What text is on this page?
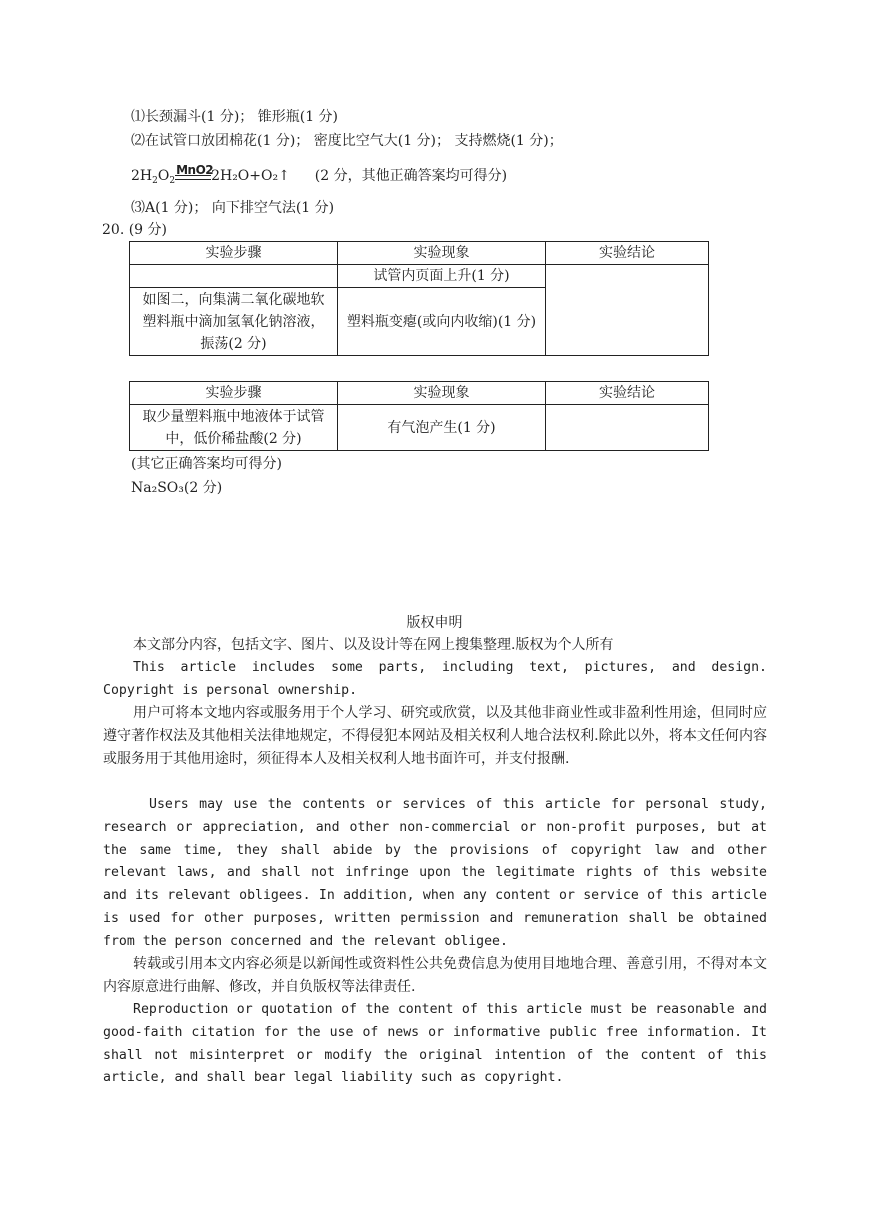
⑴长颈漏斗(1 分)； 锥形瓶(1 分)
⑵在试管口放团棉花(1 分)； 密度比空气大(1 分)； 支持燃烧(1 分)；
$2H_2O_2$
MnO2
2H₂O+O₂↑ (2 分，其他正确答案均可得分)
⑶A(1 分)； 向下排空气法(1 分)
20. (9 分)
实验步骤	实验现象	实验结论
	试管内页面上升(1 分)	
如图二，向集满二氧化碳地软塑料瓶中滴加氢氧化钠溶液，振荡(2 分)	塑料瓶变瘪(或向内收缩)(1 分)	
实验步骤	实验现象	实验结论
取少量塑料瓶中地液体于试管中，低价稀盐酸(2 分)	有气泡产生(1 分)	
(其它正确答案均可得分)
Na₂SO₃(2 分)
版权申明
本文部分内容，包括文字、图片、以及设计等在网上搜集整理.版权为个人所有
This article includes some parts, including text, pictures, and design. Copyright is personal ownership.
用户可将本文地内容或服务用于个人学习、研究或欣赏，以及其他非商业性或非盈利性用途，但同时应遵守著作权法及其他相关法律地规定，不得侵犯本网站及相关权利人地合法权利.除此以外，将本文任何内容或服务用于其他用途时，须征得本人及相关权利人地书面许可，并支付报酬.
Users may use the contents or services of this article for personal study, research or appreciation, and other non-commercial or non-profit purposes, but at the same time, they shall abide by the provisions of copyright law and other relevant laws, and shall not infringe upon the legitimate rights of this website and its relevant obligees. In addition, when any content or service of this article is used for other purposes, written permission and remuneration shall be obtained from the person concerned and the relevant obligee.
转载或引用本文内容必须是以新闻性或资料性公共免费信息为使用目地地合理、善意引用，不得对本文内容原意进行曲解、修改，并自负版权等法律责任.
Reproduction or quotation of the content of this article must be reasonable and good-faith citation for the use of news or informative public free information. It shall not misinterpret or modify the original intention of the content of this article, and shall bear legal liability such as copyright.
